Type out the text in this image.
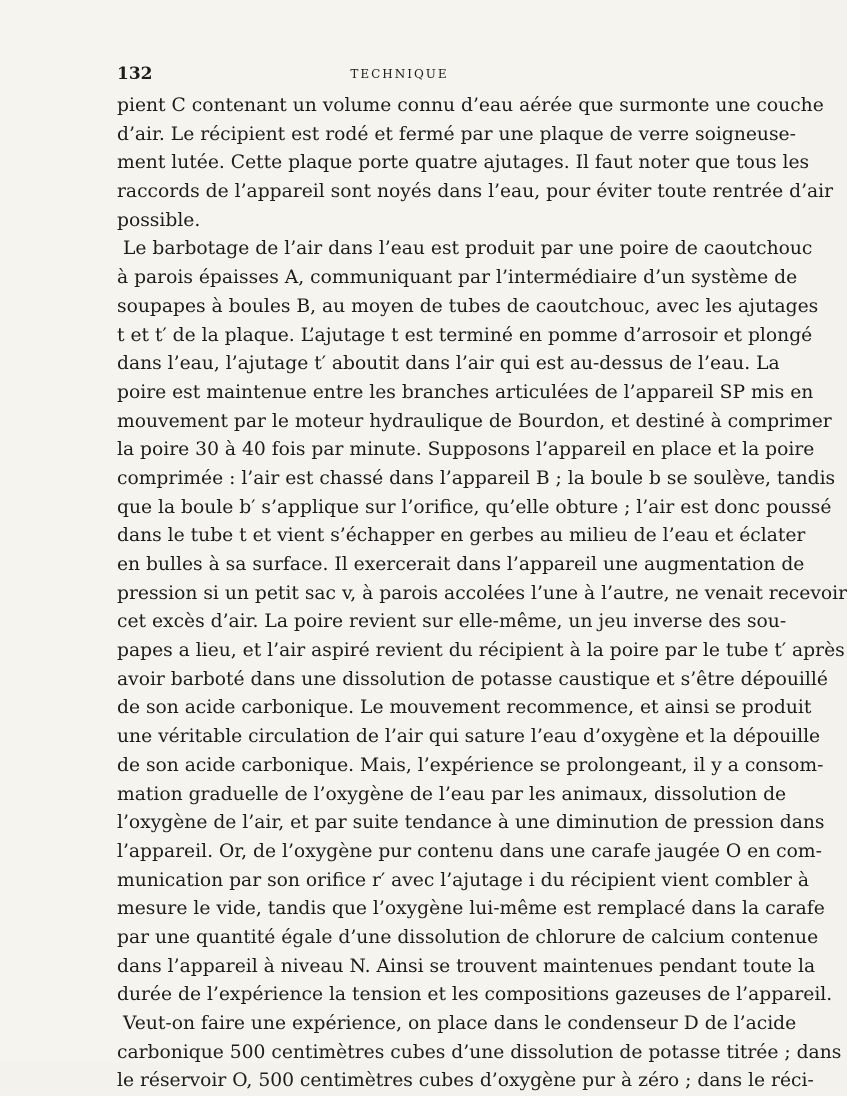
132	TECHNIQUE
pient C contenant un volume connu d’eau aérée que surmonte une couche
d’air. Le récipient est rodé et fermé par une plaque de verre soigneuse-
ment lutée. Cette plaque porte quatre ajutages. Il faut noter que tous les
raccords de l’appareil sont noyés dans l’eau, pour éviter toute rentrée d’air
possible.
Le barbotage de l’air dans l’eau est produit par une poire de caoutchouc
à parois épaisses A, communiquant par l’intermédiaire d’un système de
soupapes à boules B, au moyen de tubes de caoutchouc, avec les ajutages
t et t′ de la plaque. L’ajutage t est terminé en pomme d’arrosoir et plongé
dans l’eau, l’ajutage t′ aboutit dans l’air qui est au-dessus de l’eau. La
poire est maintenue entre les branches articulées de l’appareil SP mis en
mouvement par le moteur hydraulique de Bourdon, et destiné à comprimer
la poire 30 à 40 fois par minute. Supposons l’appareil en place et la poire
comprimée : l’air est chassé dans l’appareil B ; la boule b se soulève, tandis
que la boule b′ s’applique sur l’orifice, qu’elle obture ; l’air est donc poussé
dans le tube t et vient s’échapper en gerbes au milieu de l’eau et éclater
en bulles à sa surface. Il exercerait dans l’appareil une augmentation de
pression si un petit sac v, à parois accolées l’une à l’autre, ne venait recevoir
cet excès d’air. La poire revient sur elle-même, un jeu inverse des sou-
papes a lieu, et l’air aspiré revient du récipient à la poire par le tube t′ après
avoir barboté dans une dissolution de potasse caustique et s’être dépouillé
de son acide carbonique. Le mouvement recommence, et ainsi se produit
une véritable circulation de l’air qui sature l’eau d’oxygène et la dépouille
de son acide carbonique. Mais, l’expérience se prolongeant, il y a consom-
mation graduelle de l’oxygène de l’eau par les animaux, dissolution de
l’oxygène de l’air, et par suite tendance à une diminution de pression dans
l’appareil. Or, de l’oxygène pur contenu dans une carafe jaugée O en com-
munication par son orifice r′ avec l’ajutage i du récipient vient combler à
mesure le vide, tandis que l’oxygène lui-même est remplacé dans la carafe
par une quantité égale d’une dissolution de chlorure de calcium contenue
dans l’appareil à niveau N. Ainsi se trouvent maintenues pendant toute la
durée de l’expérience la tension et les compositions gazeuses de l’appareil.
Veut-on faire une expérience, on place dans le condenseur D de l’acide
carbonique 500 centimètres cubes d’une dissolution de potasse titrée ; dans
le réservoir O, 500 centimètres cubes d’oxygène pur à zéro ; dans le réci-
